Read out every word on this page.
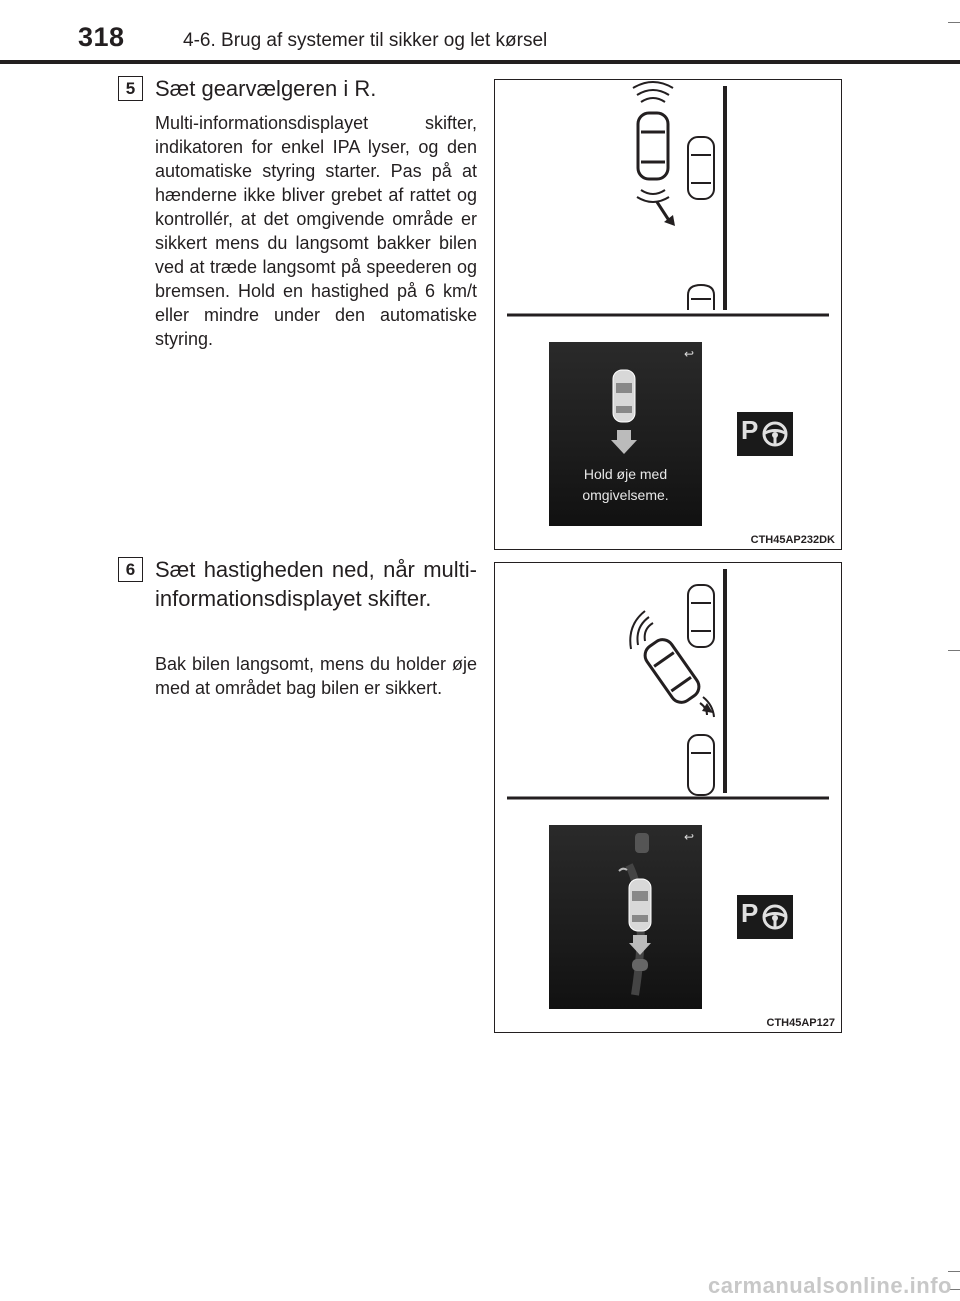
318	4-6. Brug af systemer til sikker og let kørsel
5 Sæt gearvælgeren i R.
Multi-informationsdisplayet skifter, indikatoren for enkel IPA lyser, og den automatiske styring starter. Pas på at hænderne ikke bliver grebet af rattet og kontrollér, at det omgivende område er sikkert mens du langsomt bakker bilen ved at træde langsomt på speederen og bremsen. Hold en hastighed på 6 km/t eller mindre under den automatiske styring.
↩
Hold øje med
omgivelseme.
P
CTH45AP232DK
6 Sæt hastigheden ned, når multi-informationsdisplayet skifter.
Bak bilen langsomt, mens du holder øje med at området bag bilen er sikkert.
↩
P
CTH45AP127
carmanualsonline.info
